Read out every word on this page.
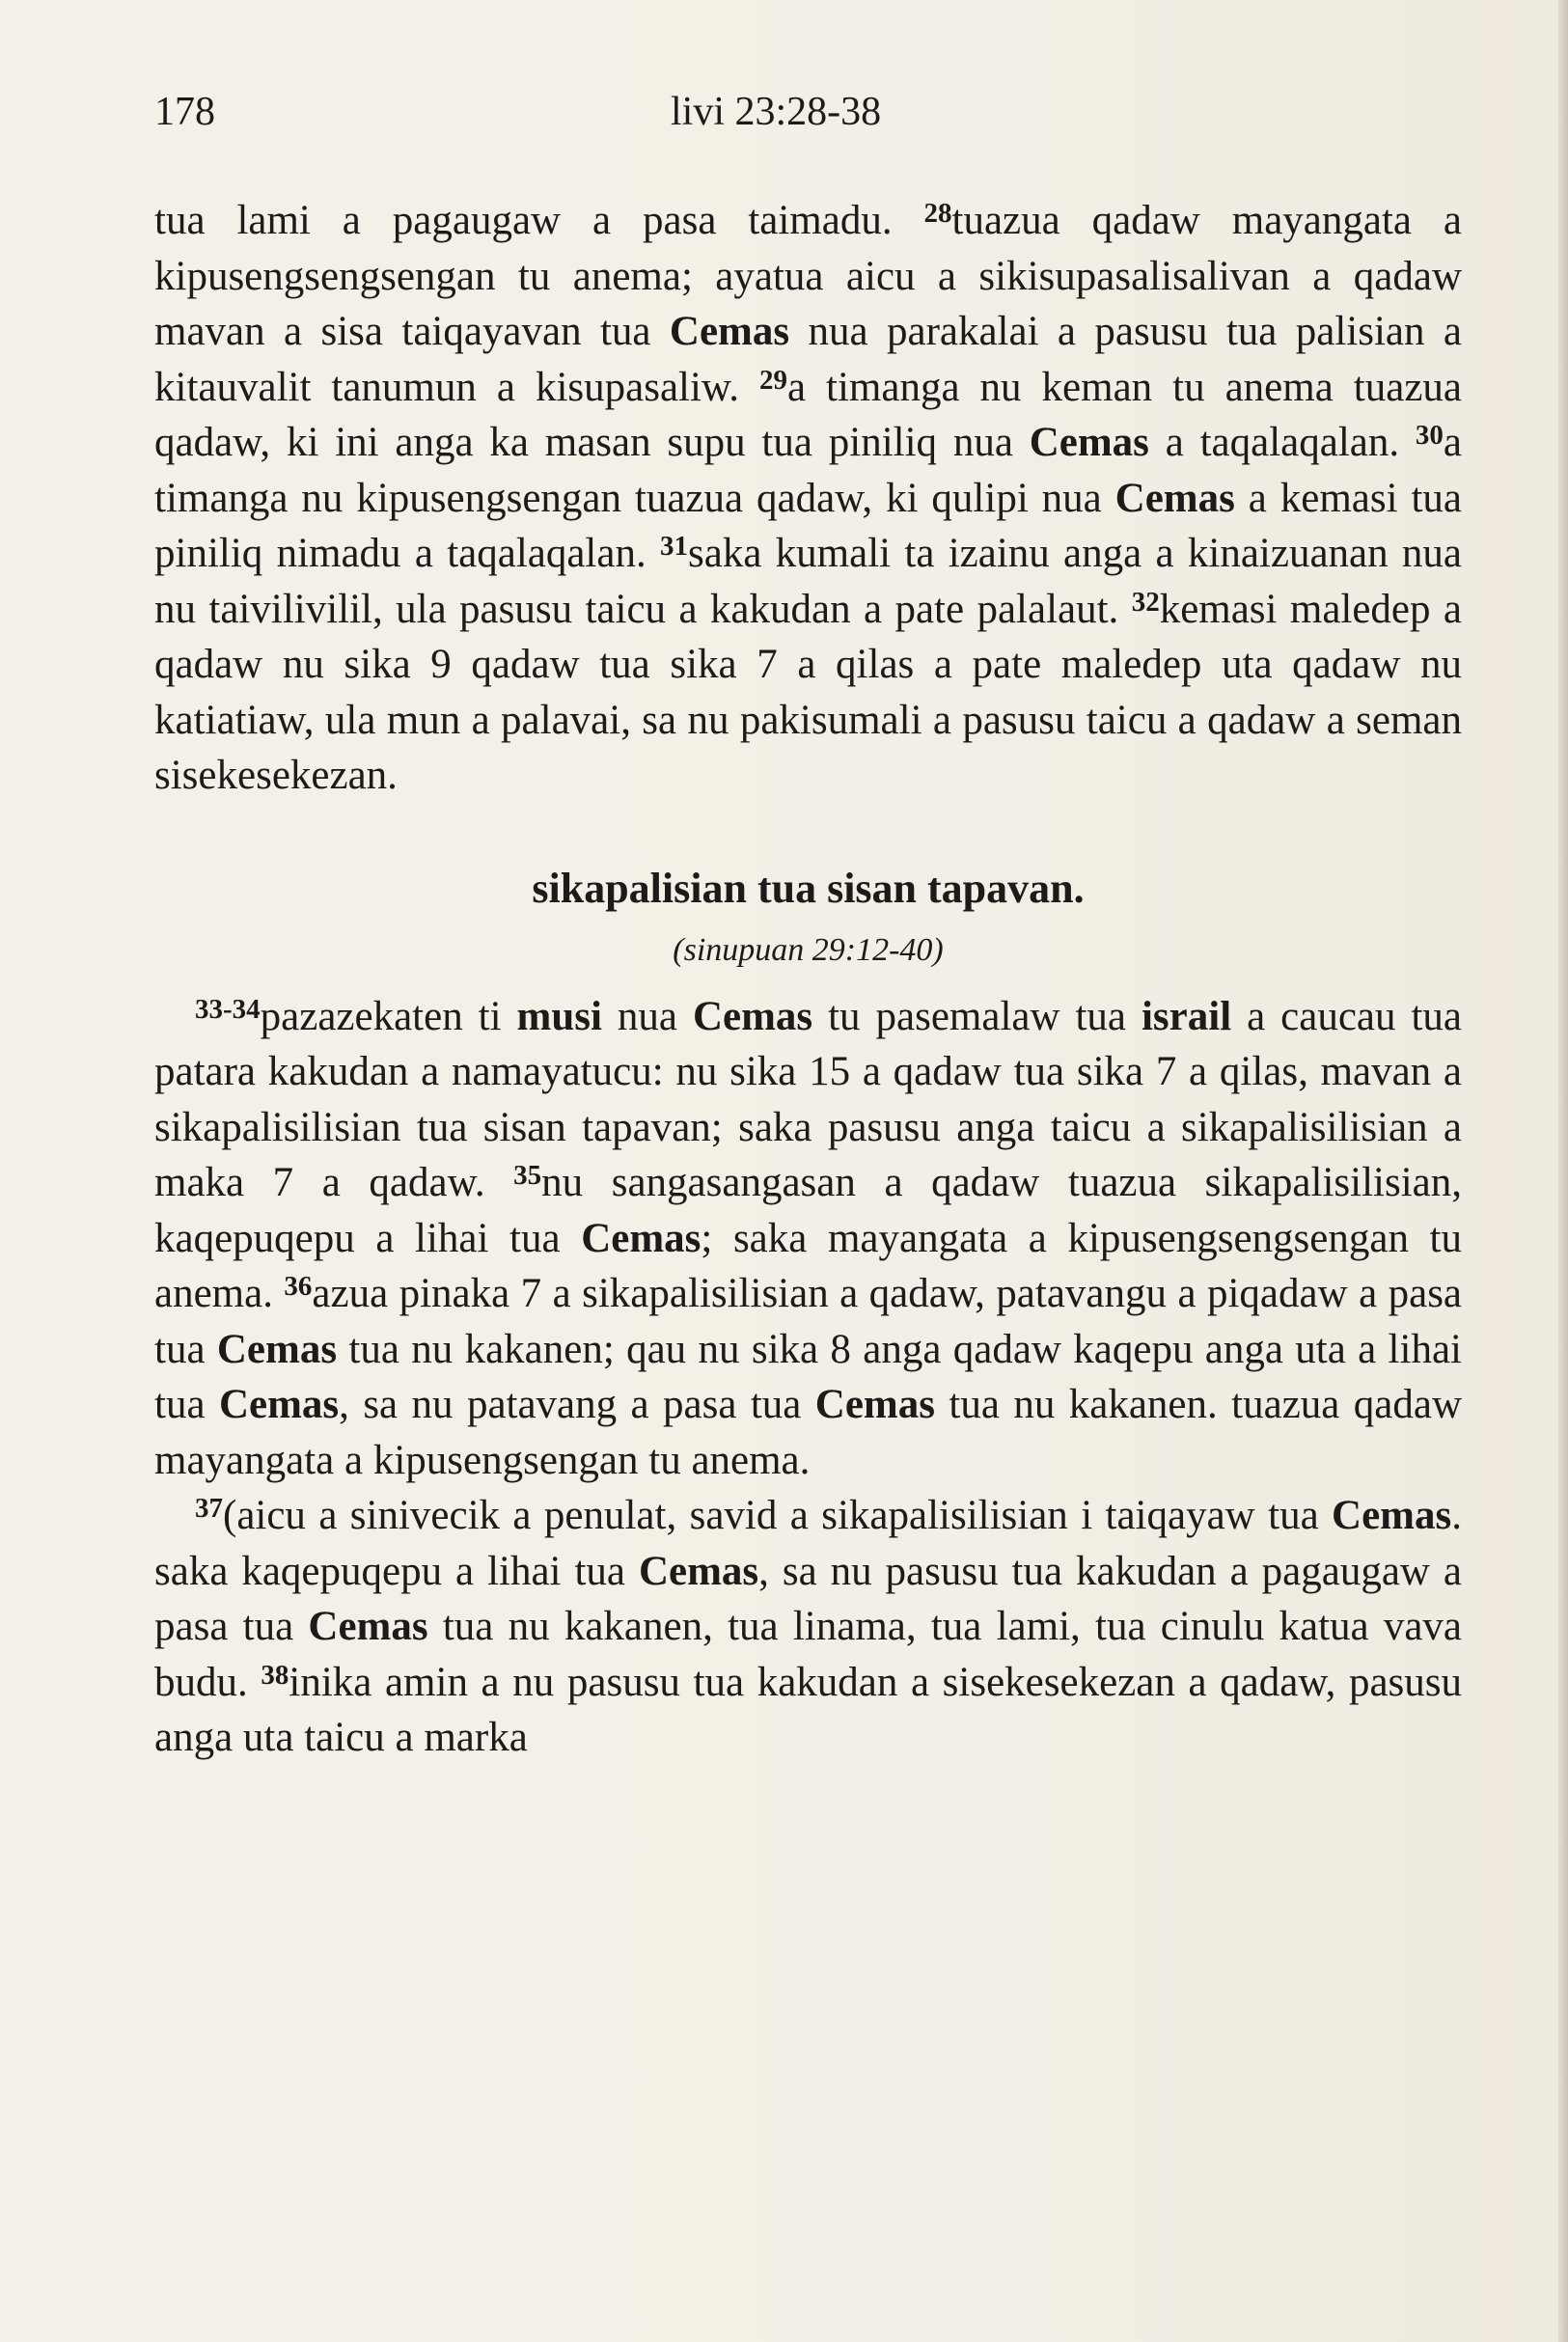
178	livi 23:28-38

tua lami a pagaugaw a pasa taimadu. $^{28}$tuazua qadaw mayangata a kipusengsengsengan tu anema; ayatua aicu a sikisupasalisalivan a qadaw mavan a sisa taiqayavan tua Cemas nua parakalai a pasusu tua palisian a kitauvalit tanumun a kisupasaliw. $^{29}$a timanga nu keman tu anema tuazua qadaw, ki ini anga ka masan supu tua piniliq nua Cemas a taqalaqalan. $^{30}$a timanga nu kipusengsengan tuazua qadaw, ki qulipi nua Cemas a kemasi tua piniliq nimadu a taqalaqalan. $^{31}$saka kumali ta izainu anga a kinaizuanan nua nu taivilivilil, ula pasusu taicu a kakudan a pate palalaut. $^{32}$kemasi maledep a qadaw nu sika 9 qadaw tua sika 7 a qilas a pate maledep uta qadaw nu katiatiaw, ula mun a palavai, sa nu pakisumali a pasusu taicu a qadaw a seman sisekesekezan.

sikapalisian tua sisan tapavan.
(sinupuan 29:12-40)

$^{33-34}$pazazekaten ti musi nua Cemas tu pasemalaw tua israil a caucau tua patara kakudan a namayatucu: nu sika 15 a qadaw tua sika 7 a qilas, mavan a sikapalisilisian tua sisan tapavan; saka pasusu anga taicu a sikapalisilisian a maka 7 a qadaw. $^{35}$nu sangasangasan a qadaw tuazua sikapalisilisian, kaqepuqepu a lihai tua Cemas; saka mayangata a kipusengsengsengan tu anema. $^{36}$azua pinaka 7 a sikapalisilisian a qadaw, patavangu a piqadaw a pasa tua Cemas tua nu kakanen; qau nu sika 8 anga qadaw kaqepu anga uta a lihai tua Cemas, sa nu patavang a pasa tua Cemas tua nu kakanen. tuazua qadaw mayangata a kipusengsengan tu anema.

$^{37}$(aicu a sinivecik a penulat, savid a sikapalisilisian i taiqayaw tua Cemas. saka kaqepuqepu a lihai tua Cemas, sa nu pasusu tua kakudan a pagaugaw a pasa tua Cemas tua nu kakanen, tua linama, tua lami, tua cinulu katua vava budu. $^{38}$inika amin a nu pasusu tua kakudan a sisekesekezan a qadaw, pasusu anga uta taicu a marka
